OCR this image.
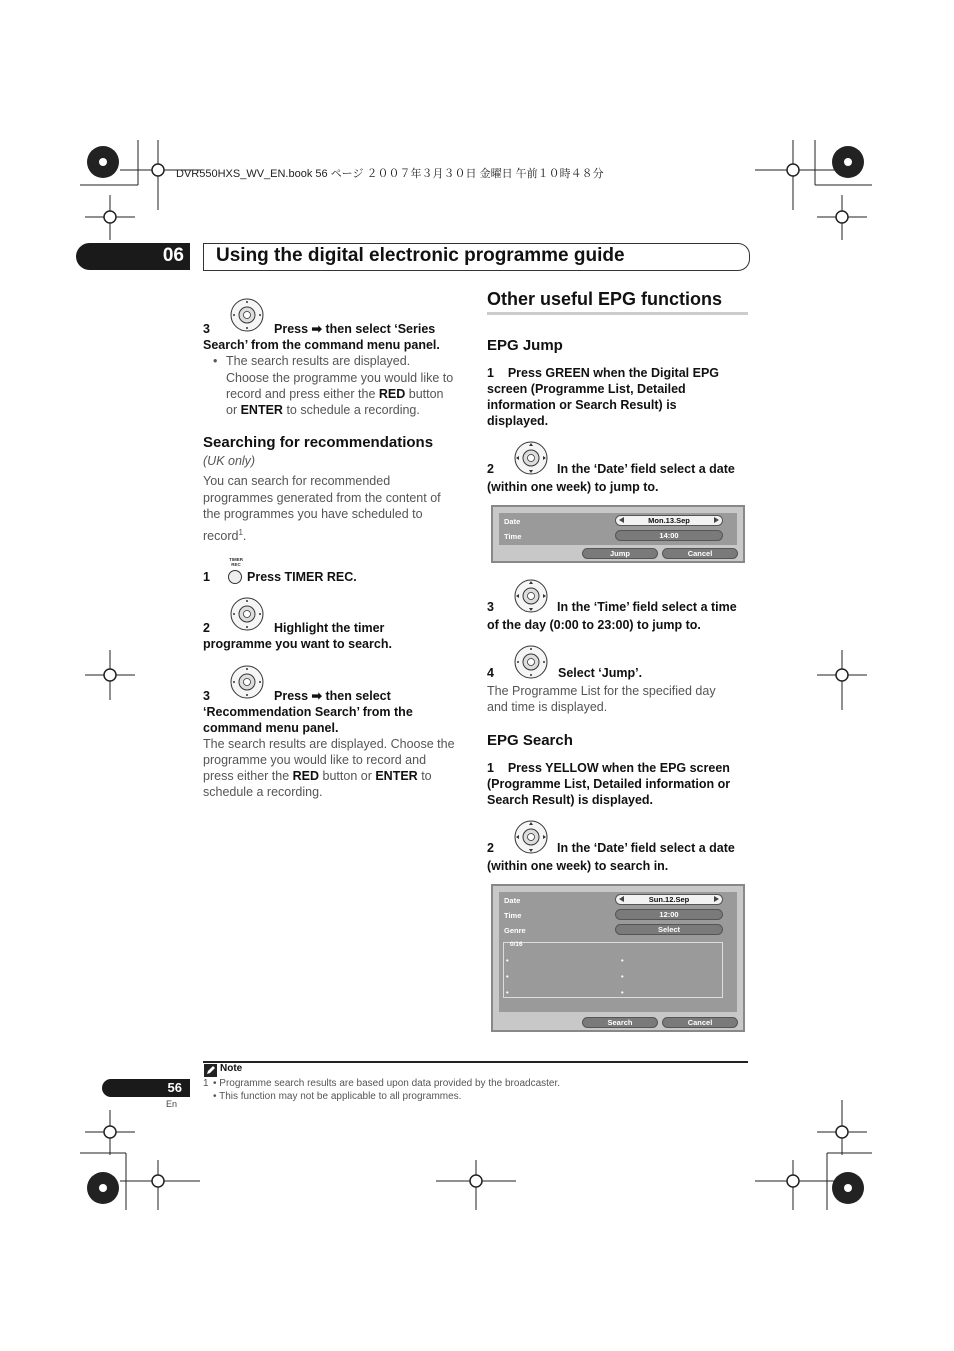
DVR550HXS_WV_EN.book 56 ページ ２００７年３月３０日 金曜日 午前１０時４８分
06 Using the digital electronic programme guide
3	Press ➡ then select ‘Series
Search’ from the command menu panel.
• The search results are displayed.
Choose the programme you would like to
record and press either the RED button
or ENTER to schedule a recording.
Searching for recommendations
(UK only)
You can search for recommended
programmes generated from the content of
the programmes you have scheduled to
record$^1$.
TIMER REC
1	Press TIMER REC.
2	Highlight the timer
programme you want to search.
3	Press ➡ then select
‘Recommendation Search’ from the
command menu panel.
The search results are displayed. Choose the
programme you would like to record and
press either the RED button or ENTER to
schedule a recording.
Other useful EPG functions
EPG Jump
1    Press GREEN when the Digital EPG
screen (Programme List, Detailed
information or Search Result) is
displayed.
2	In the ‘Date’ field select a date
(within one week) to jump to.
Date	Mon.13.Sep
Time	14:00
Jump	Cancel
3	In the ‘Time’ field select a time
of the day (0:00 to 23:00) to jump to.
4	Select ‘Jump’.
The Programme List for the specified day
and time is displayed.
EPG Search
1    Press YELLOW when the EPG screen
(Programme List, Detailed information or
Search Result) is displayed.
2	In the ‘Date’ field select a date
(within one week) to search in.
Date	Sun.12.Sep
Time	12:00
Genre	Select
0/16
•
•
•
•
•
•
Search	Cancel
Note
1 • Programme search results are based upon data provided by the broadcaster.
• This function may not be applicable to all programmes.
56
En
